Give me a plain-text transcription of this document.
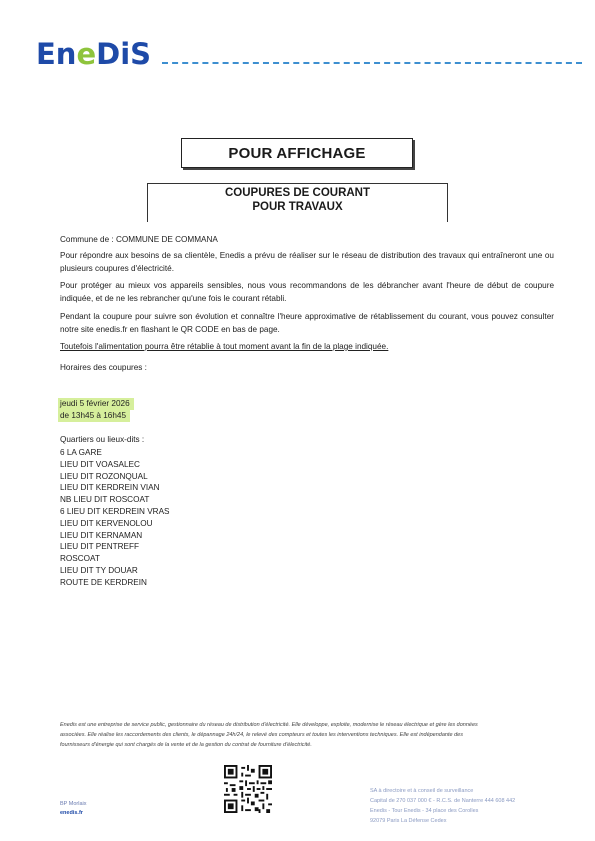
EneDiS
POUR AFFICHAGE
COUPURES DE COURANT
POUR TRAVAUX
Commune de : COMMUNE DE COMMANA
Pour répondre aux besoins de sa clientèle, Enedis a prévu de réaliser sur le réseau de distribution des travaux qui entraîneront une ou plusieurs coupures d'électricité.
Pour protéger au mieux vos appareils sensibles, nous vous recommandons de les débrancher avant l'heure de début de coupure indiquée, et de ne les rebrancher qu'une fois le courant rétabli.
Pendant la coupure pour suivre son évolution et connaître l'heure approximative de rétablissement du courant, vous pouvez consulter notre site enedis.fr en flashant le QR CODE en bas de page.
Toutefois l'alimentation pourra être rétablie à tout moment avant la fin de la plage indiquée.
Horaires des coupures :
jeudi 5 février 2026
de 13h45 à 16h45
Quartiers ou lieux-dits :
6 LA GARE
LIEU DIT VOASALEC
LIEU DIT ROZONQUAL
LIEU DIT KERDREIN VIAN
NB LIEU DIT ROSCOAT
6 LIEU DIT KERDREIN VRAS
LIEU DIT KERVENOLOU
LIEU DIT KERNAMAN
LIEU DIT PENTREFF
ROSCOAT
LIEU DIT TY DOUAR
ROUTE DE KERDREIN
Enedis est une entreprise de service public, gestionnaire du réseau de distribution d'électricité. Elle développe, exploite, modernise le réseau électrique et gère les données
associées. Elle réalise les raccordements des clients, le dépannage 24h/24, le relevé des compteurs et toutes les interventions techniques. Elle est indépendante des
fournisseurs d'énergie qui sont chargés de la vente et de la gestion du contrat de fourniture d'électricité.
BP Morlaix
enedis.fr
SA à directoire et à conseil de surveillance
Capital de 270 037 000 € - R.C.S. de Nanterre 444 608 442
Enedis - Tour Enedis - 34 place des Corolles
92079 Paris La Défense Cedex
